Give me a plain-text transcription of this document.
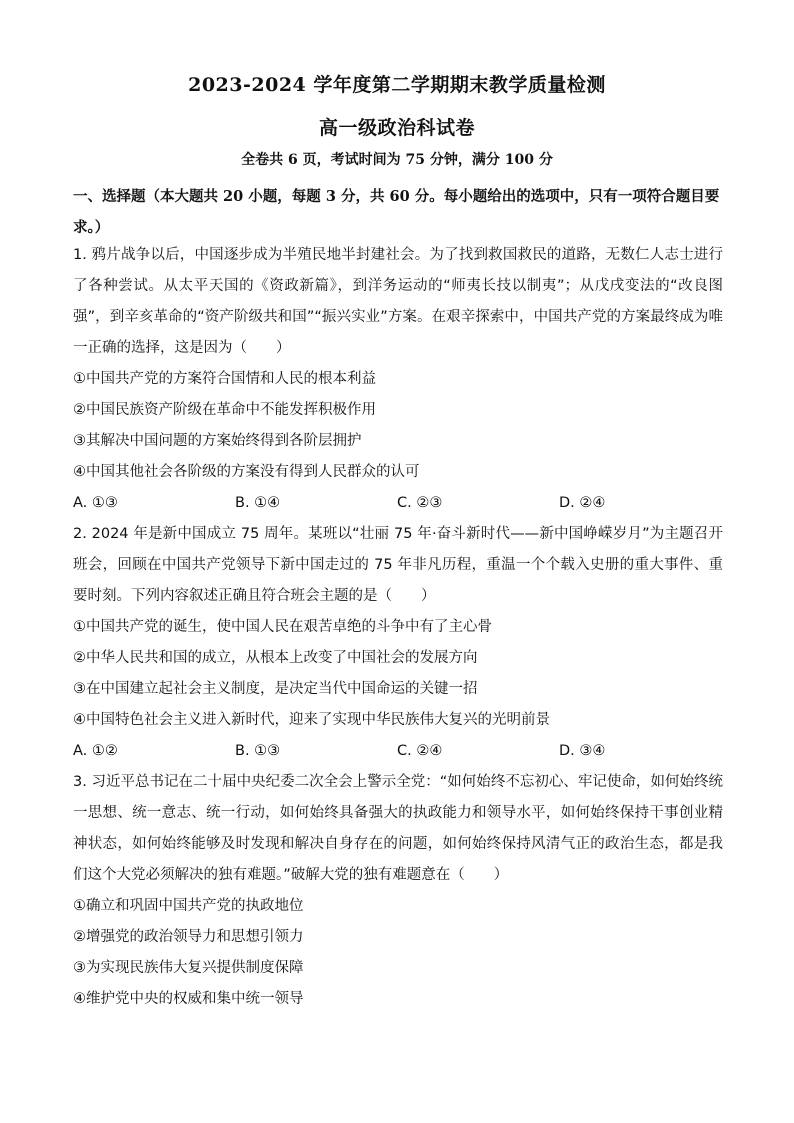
2023-2024 学年度第二学期期末教学质量检测
高一级政治科试卷
全卷共 6 页，考试时间为 75 分钟，满分 100 分
一、选择题（本大题共 20 小题，每题 3 分，共 60 分。每小题给出的选项中，只有一项符合题目要求。）
1. 鸦片战争以后，中国逐步成为半殖民地半封建社会。为了找到救国救民的道路，无数仁人志士进行了各种尝试。从太平天国的《资政新篇》，到洋务运动的“师夷长技以制夷”；从戊戌变法的“改良图强”，到辛亥革命的“资产阶级共和国”“振兴实业”方案。在艰辛探索中，中国共产党的方案最终成为唯一正确的选择，这是因为（　　）
①中国共产党的方案符合国情和人民的根本利益
②中国民族资产阶级在革命中不能发挥积极作用
③其解决中国问题的方案始终得到各阶层拥护
④中国其他社会各阶级的方案没有得到人民群众的认可
A. ①③	B. ①④	C. ②③	D. ②④
2. 2024 年是新中国成立 75 周年。某班以“壮丽 75 年·奋斗新时代——新中国峥嵘岁月”为主题召开班会，回顾在中国共产党领导下新中国走过的 75 年非凡历程，重温一个个载入史册的重大事件、重要时刻。下列内容叙述正确且符合班会主题的是（　　）
①中国共产党的诞生，使中国人民在艰苦卓绝的斗争中有了主心骨
②中华人民共和国的成立，从根本上改变了中国社会的发展方向
③在中国建立起社会主义制度，是决定当代中国命运的关键一招
④中国特色社会主义进入新时代，迎来了实现中华民族伟大复兴的光明前景
A. ①②	B. ①③	C. ②④	D. ③④
3. 习近平总书记在二十届中央纪委二次全会上警示全党：“如何始终不忘初心、牢记使命，如何始终统一思想、统一意志、统一行动，如何始终具备强大的执政能力和领导水平，如何始终保持干事创业精神状态，如何始终能够及时发现和解决自身存在的问题，如何始终保持风清气正的政治生态，都是我们这个大党必须解决的独有难题。”破解大党的独有难题意在（　　）
①确立和巩固中国共产党的执政地位
②增强党的政治领导力和思想引领力
③为实现民族伟大复兴提供制度保障
④维护党中央的权威和集中统一领导
